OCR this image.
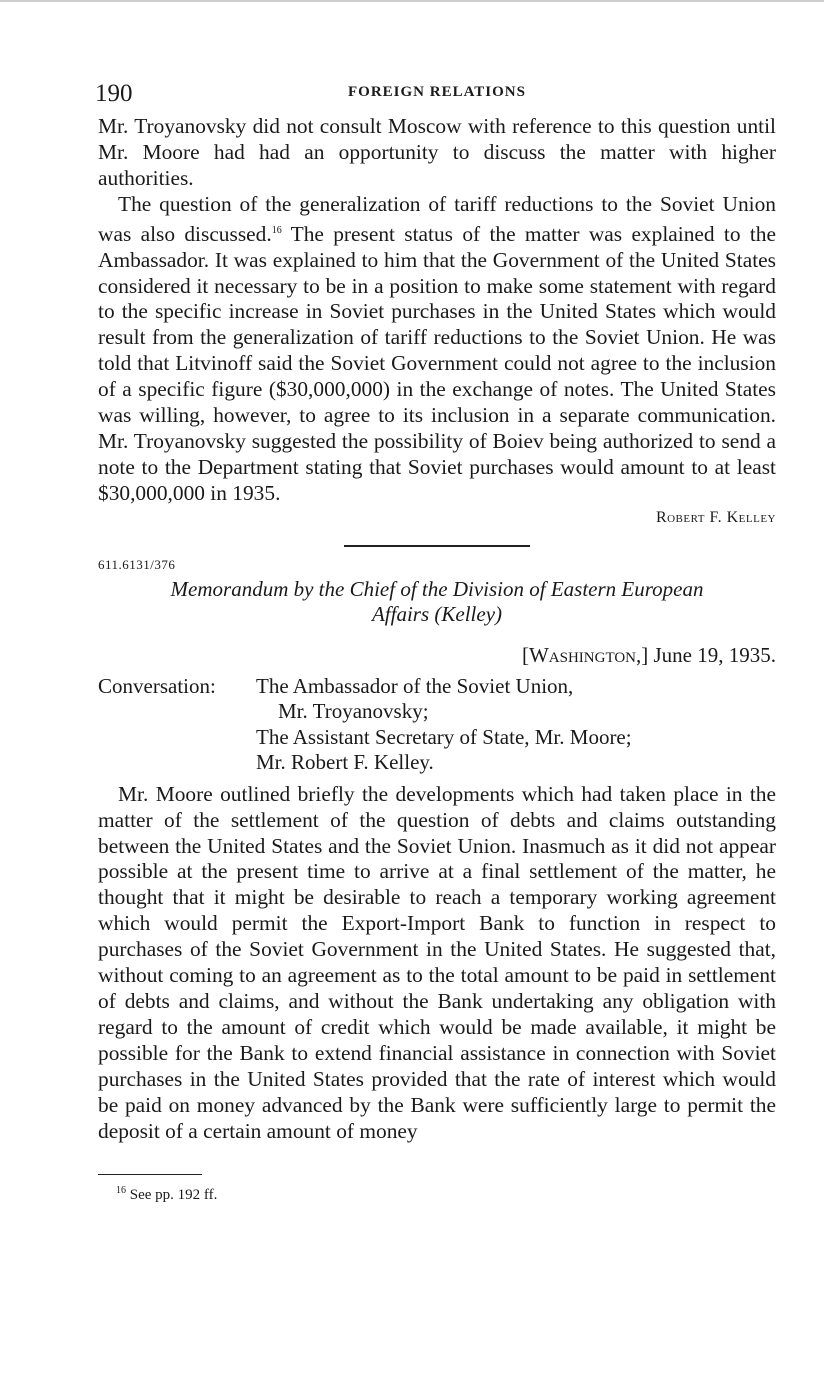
190	FOREIGN RELATIONS

Mr. Troyanovsky did not consult Moscow with reference to this question until Mr. Moore had had an opportunity to discuss the matter with higher authorities.

The question of the generalization of tariff reductions to the Soviet Union was also discussed.$^{16}$ The present status of the matter was explained to the Ambassador. It was explained to him that the Government of the United States considered it necessary to be in a position to make some statement with regard to the specific increase in Soviet purchases in the United States which would result from the generalization of tariff reductions to the Soviet Union. He was told that Litvinoff said the Soviet Government could not agree to the inclusion of a specific figure ($30,000,000) in the exchange of notes. The United States was willing, however, to agree to its inclusion in a separate communication. Mr. Troyanovsky suggested the possibility of Boiev being authorized to send a note to the Department stating that Soviet purchases would amount to at least $30,000,000 in 1935.

Robert F. Kelley
611.6131/376
Memorandum by the Chief of the Division of Eastern European
Affairs (Kelley)
[Washington,] June 19, 1935.
Conversation:	The Ambassador of the Soviet Union,
Mr. Troyanovsky;
The Assistant Secretary of State, Mr. Moore;
Mr. Robert F. Kelley.

Mr. Moore outlined briefly the developments which had taken place in the matter of the settlement of the question of debts and claims outstanding between the United States and the Soviet Union. Inasmuch as it did not appear possible at the present time to arrive at a final settlement of the matter, he thought that it might be desirable to reach a temporary working agreement which would permit the Export-Import Bank to function in respect to purchases of the Soviet Government in the United States. He suggested that, without coming to an agreement as to the total amount to be paid in settlement of debts and claims, and without the Bank undertaking any obligation with regard to the amount of credit which would be made available, it might be possible for the Bank to extend financial assistance in connection with Soviet purchases in the United States provided that the rate of interest which would be paid on money advanced by the Bank were sufficiently large to permit the deposit of a certain amount of money

$^{16}$ See pp. 192 ff.
